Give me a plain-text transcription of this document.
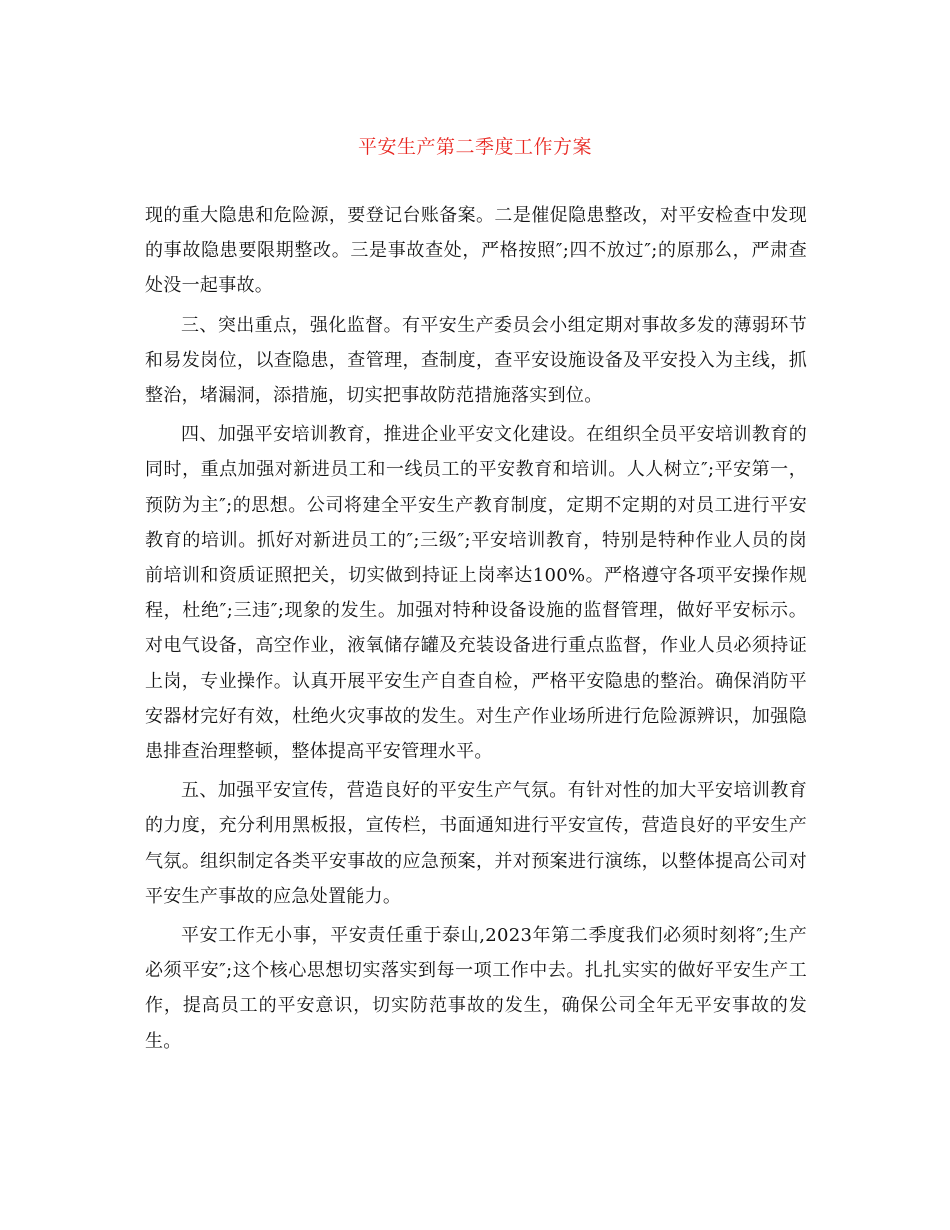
平安生产第二季度工作方案

现的重大隐患和危险源，要登记台账备案。二是催促隐患整改，对平安检查中发现的事故隐患要限期整改。三是事故查处，严格按照″;四不放过″;的原那么，严肃查处没一起事故。

三、突出重点，强化监督。有平安生产委员会小组定期对事故多发的薄弱环节和易发岗位，以查隐患，查管理，查制度，查平安设施设备及平安投入为主线，抓整治，堵漏洞，添措施，切实把事故防范措施落实到位。

四、加强平安培训教育，推进企业平安文化建设。在组织全员平安培训教育的同时，重点加强对新进员工和一线员工的平安教育和培训。人人树立″;平安第一，预防为主″;的思想。公司将建全平安生产教育制度，定期不定期的对员工进行平安教育的培训。抓好对新进员工的″;三级″;平安培训教育，特别是特种作业人员的岗前培训和资质证照把关，切实做到持证上岗率达100%。严格遵守各项平安操作规程，杜绝″;三违″;现象的发生。加强对特种设备设施的监督管理，做好平安标示。对电气设备，高空作业，液氧储存罐及充装设备进行重点监督，作业人员必须持证上岗，专业操作。认真开展平安生产自查自检，严格平安隐患的整治。确保消防平安器材完好有效，杜绝火灾事故的发生。对生产作业场所进行危险源辨识，加强隐患排查治理整顿，整体提高平安管理水平。

五、加强平安宣传，营造良好的平安生产气氛。有针对性的加大平安培训教育的力度，充分利用黑板报，宣传栏，书面通知进行平安宣传，营造良好的平安生产气氛。组织制定各类平安事故的应急预案，并对预案进行演练，以整体提高公司对平安生产事故的应急处置能力。

平安工作无小事，平安责任重于泰山,2023年第二季度我们必须时刻将″;生产必须平安″;这个核心思想切实落实到每一项工作中去。扎扎实实的做好平安生产工作，提高员工的平安意识，切实防范事故的发生，确保公司全年无平安事故的发生。
